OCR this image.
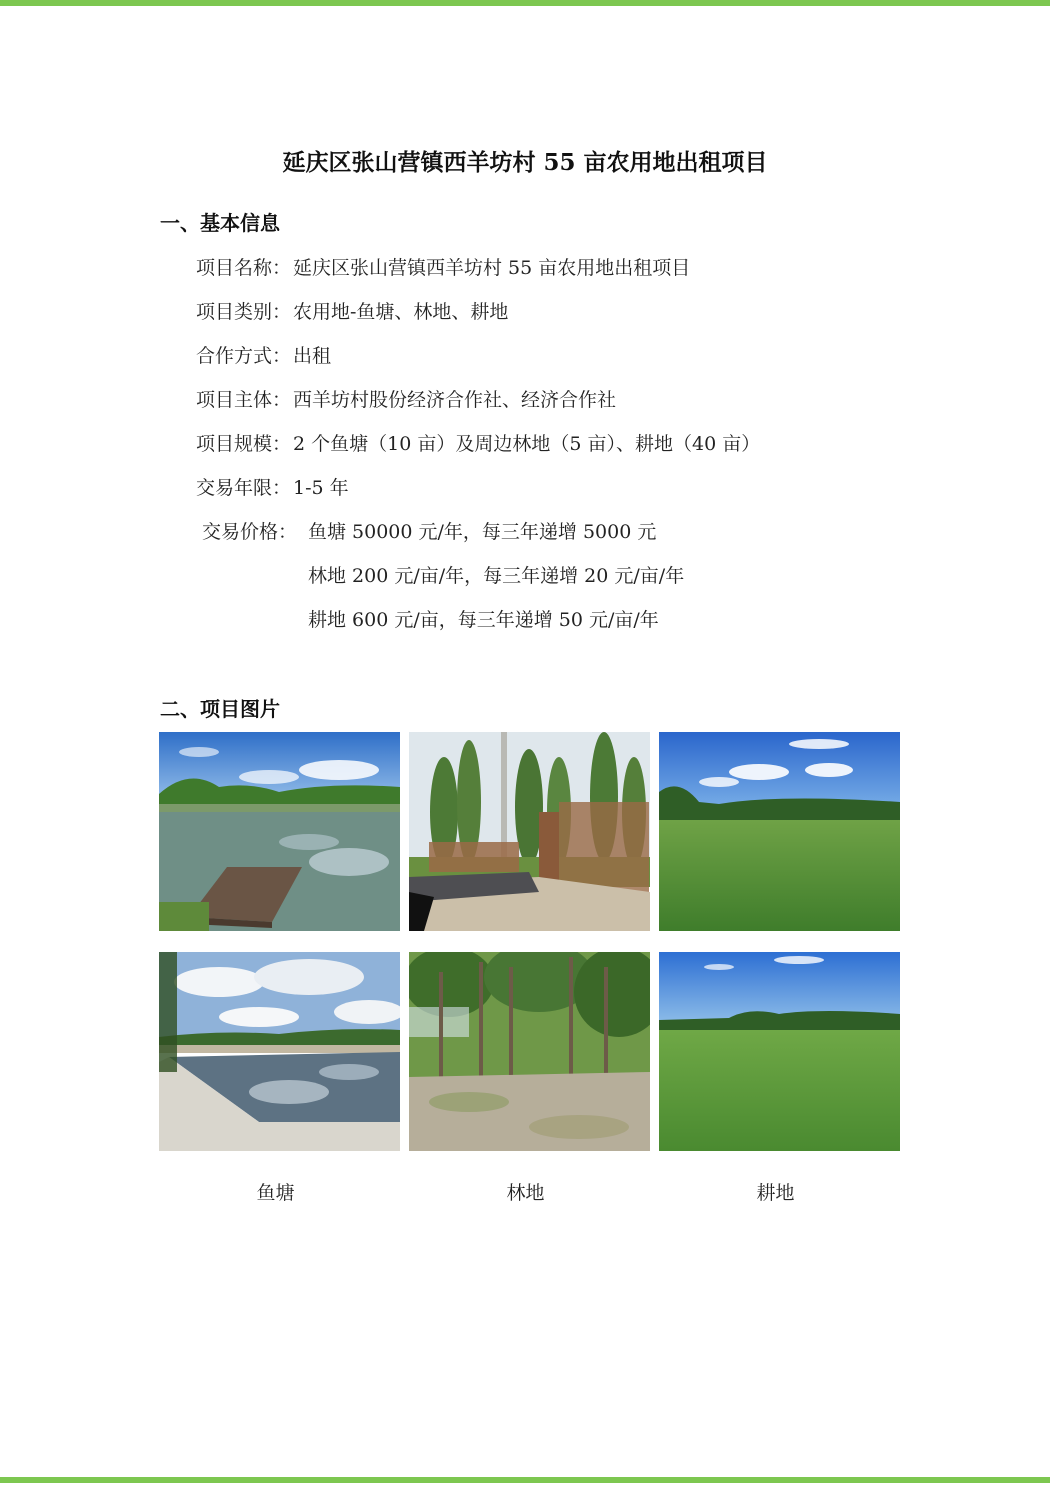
延庆区张山营镇西羊坊村 55 亩农用地出租项目
一、基本信息
项目名称： 延庆区张山营镇西羊坊村 55 亩农用地出租项目
项目类别： 农用地-鱼塘、林地、耕地
合作方式： 出租
项目主体： 西羊坊村股份经济合作社、经济合作社
项目规模： 2 个鱼塘（10 亩）及周边林地（5 亩）、耕地（40 亩）
交易年限： 1-5 年
交易价格： 鱼塘 50000 元/年，每三年递增 5000 元
林地 200 元/亩/年，每三年递增 20 元/亩/年
耕地 600 元/亩，每三年递增 50 元/亩/年
二、项目图片
鱼塘	林地	耕地
